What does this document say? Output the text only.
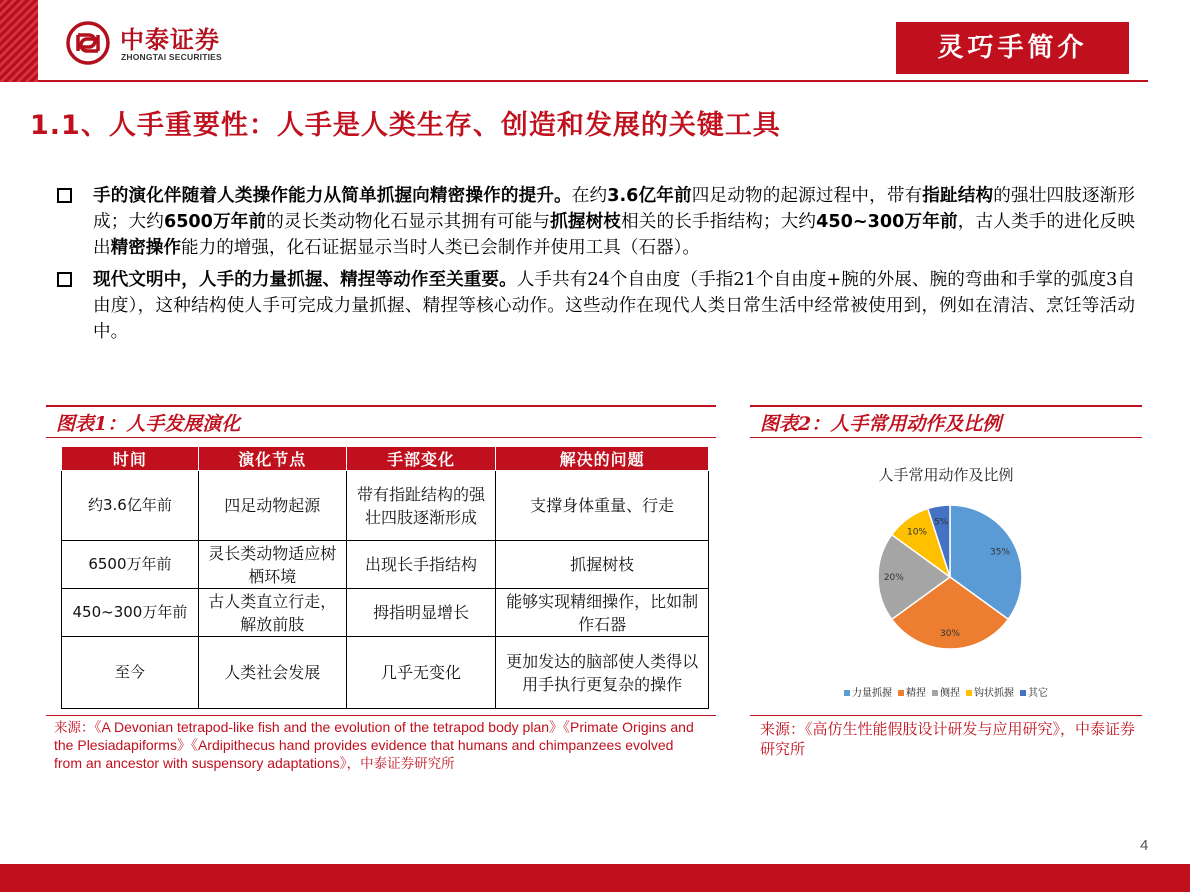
中泰证券
ZHONGTAI SECURITIES	灵巧手简介
1.1、人手重要性：人手是人类生存、创造和发展的关键工具

手的演化伴随着人类操作能力从简单抓握向精密操作的提升。在约3.6亿年前四足动物的起源过程中，带有指趾结构的强壮四肢逐渐形成；大约6500万年前的灵长类动物化石显示其拥有可能与抓握树枝相关的长手指结构；大约450~300万年前，古人类手的进化反映出精密操作能力的增强，化石证据显示当时人类已会制作并使用工具（石器）。

现代文明中，人手的力量抓握、精捏等动作至关重要。人手共有24个自由度（手指21个自由度+腕的外展、腕的弯曲和手掌的弧度3自由度），这种结构使人手可完成力量抓握、精捏等核心动作。这些动作在现代人类日常生活中经常被使用到，例如在清洁、烹饪等活动中。

图表1：人手发展演化
时间	演化节点	手部变化	解决的问题
约3.6亿年前	四足动物起源	带有指趾结构的强壮四肢逐渐形成	支撑身体重量、行走
6500万年前	灵长类动物适应树栖环境	出现长手指结构	抓握树枝
450~300万年前	古人类直立行走，解放前肢	拇指明显增长	能够实现精细操作，比如制作石器
至今	人类社会发展	几乎无变化	更加发达的脑部使人类得以用手执行更复杂的操作
来源：《A Devonian tetrapod-like fish and the evolution of the tetrapod body plan》《Primate Origins and the Plesiadapiforms》《Ardipithecus hand provides evidence that humans and chimpanzees evolved from an ancestor with suspensory adaptations》，中泰证券研究所
图表2：人手常用动作及比例
人手常用动作及比例
35%
30%
20%
10%
5%
力量抓握 精捏 侧捏 钩状抓握 其它
来源：《高仿生性能假肢设计研发与应用研究》，中泰证券研究所
4
